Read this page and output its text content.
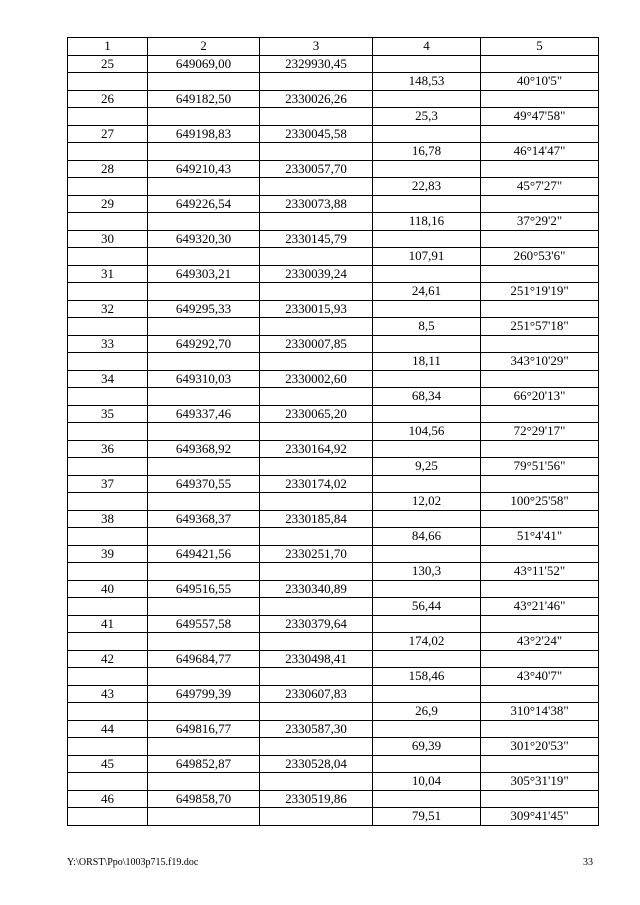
1	2	3	4	5
25	649069,00	2329930,45		
			148,53	40°10'5"
26	649182,50	2330026,26		
			25,3	49°47'58"
27	649198,83	2330045,58		
			16,78	46°14'47"
28	649210,43	2330057,70		
			22,83	45°7'27"
29	649226,54	2330073,88		
			118,16	37°29'2"
30	649320,30	2330145,79		
			107,91	260°53'6"
31	649303,21	2330039,24		
			24,61	251°19'19"
32	649295,33	2330015,93		
			8,5	251°57'18"
33	649292,70	2330007,85		
			18,11	343°10'29"
34	649310,03	2330002,60		
			68,34	66°20'13"
35	649337,46	2330065,20		
			104,56	72°29'17"
36	649368,92	2330164,92		
			9,25	79°51'56"
37	649370,55	2330174,02		
			12,02	100°25'58"
38	649368,37	2330185,84		
			84,66	51°4'41"
39	649421,56	2330251,70		
			130,3	43°11'52"
40	649516,55	2330340,89		
			56,44	43°21'46"
41	649557,58	2330379,64		
			174,02	43°2'24"
42	649684,77	2330498,41		
			158,46	43°40'7"
43	649799,39	2330607,83		
			26,9	310°14'38"
44	649816,77	2330587,30		
			69,39	301°20'53"
45	649852,87	2330528,04		
			10,04	305°31'19"
46	649858,70	2330519,86		
			79,51	309°41'45"
Y:\ORST\Ppo\1003p715.f19.doc	33
